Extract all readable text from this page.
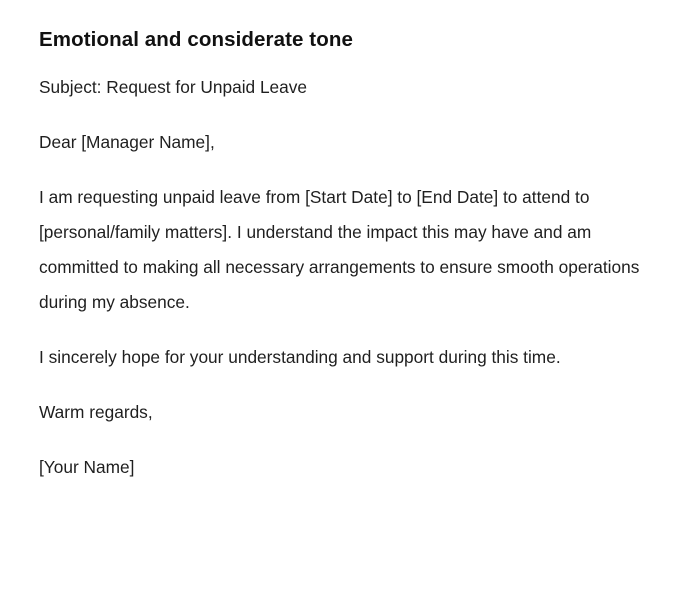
Emotional and considerate tone

Subject: Request for Unpaid Leave

Dear [Manager Name],

I am requesting unpaid leave from [Start Date] to [End Date] to attend to [personal/family matters]. I understand the impact this may have and am committed to making all necessary arrangements to ensure smooth operations during my absence.

I sincerely hope for your understanding and support during this time.

Warm regards,

[Your Name]
